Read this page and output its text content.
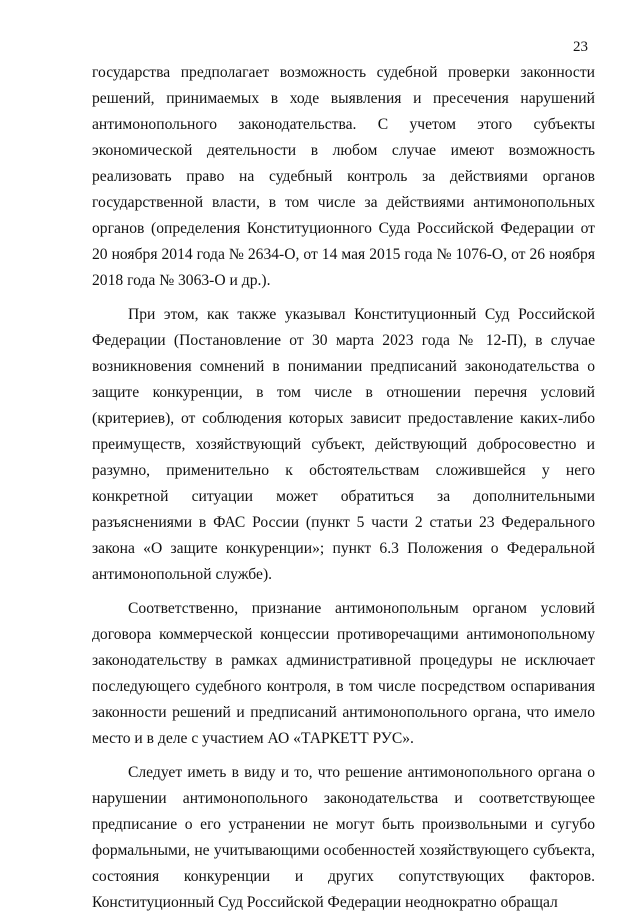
23

государства предполагает возможность судебной проверки законности решений, принимаемых в ходе выявления и пресечения нарушений антимонопольного законодательства. С учетом этого субъекты экономической деятельности в любом случае имеют возможность реализовать право на судебный контроль за действиями органов государственной власти, в том числе за действиями антимонопольных органов (определения Конституционного Суда Российской Федерации от 20 ноября 2014 года № 2634-О, от 14 мая 2015 года № 1076-О, от 26 ноября 2018 года № 3063-О и др.).

При этом, как также указывал Конституционный Суд Российской Федерации (Постановление от 30 марта 2023 года № 12-П), в случае возникновения сомнений в понимании предписаний законодательства о защите конкуренции, в том числе в отношении перечня условий (критериев), от соблюдения которых зависит предоставление каких-либо преимуществ, хозяйствующий субъект, действующий добросовестно и разумно, применительно к обстоятельствам сложившейся у него конкретной ситуации может обратиться за дополнительными разъяснениями в ФАС России (пункт 5 части 2 статьи 23 Федерального закона «О защите конкуренции»; пункт 6.3 Положения о Федеральной антимонопольной службе).

Соответственно, признание антимонопольным органом условий договора коммерческой концессии противоречащими антимонопольному законодательству в рамках административной процедуры не исключает последующего судебного контроля, в том числе посредством оспаривания законности решений и предписаний антимонопольного органа, что имело место и в деле с участием АО «ТАРКЕТТ РУС».

Следует иметь в виду и то, что решение антимонопольного органа о нарушении антимонопольного законодательства и соответствующее предписание о его устранении не могут быть произвольными и сугубо формальными, не учитывающими особенностей хозяйствующего субъекта, состояния конкуренции и других сопутствующих факторов. Конституционный Суд Российской Федерации неоднократно обращал
